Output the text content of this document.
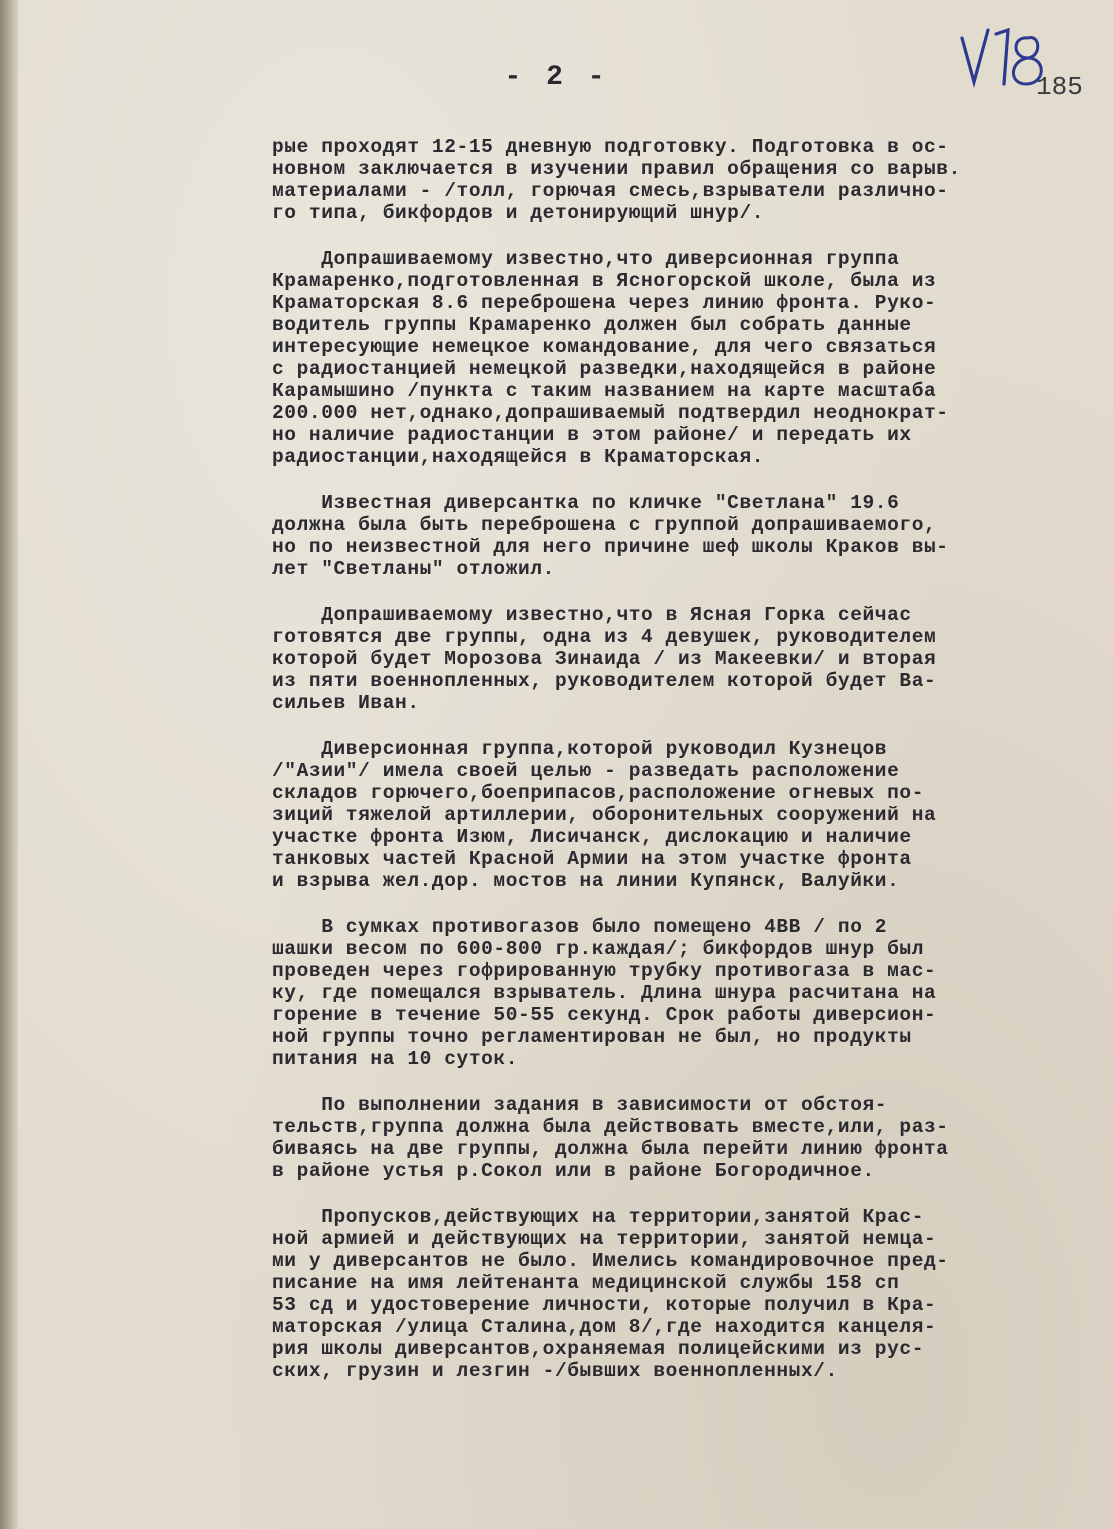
185
- 2 -
рые проходят 12-15 дневную подготовку. Подготовка в ос-
новном заключается в изучении правил обращения со варыв.
материалами - /толл, горючая смесь,взрыватели различно-
го типа, бикфордов и детонирующий шнур/.
Допрашиваемому известно,что диверсионная группа
Крамаренко,подготовленная в Ясногорской школе, была из
Краматорская 8.6 переброшена через линию фронта. Руко-
водитель группы Крамаренко должен был собрать данные
интересующие немецкое командование, для чего связаться
с радиостанцией немецкой разведки,находящейся в районе
Карамышино /пункта с таким названием на карте масштаба
200.000 нет,однако,допрашиваемый подтвердил неоднократ-
но наличие радиостанции в этом районе/ и передать их
радиостанции,находящейся в Краматорская.
Известная диверсантка по кличке "Светлана" 19.6
должна была быть переброшена с группой допрашиваемого,
но по неизвестной для него причине шеф школы Краков вы-
лет "Светланы" отложил.
Допрашиваемому известно,что в Ясная Горка сейчас
готовятся две группы, одна из 4 девушек, руководителем
которой будет Морозова Зинаида / из Макеевки/ и вторая
из пяти военнопленных, руководителем которой будет Ва-
сильев Иван.
Диверсионная группа,которой руководил Кузнецов
/"Азии"/ имела своей целью - разведать расположение
складов горючего,боеприпасов,расположение огневых по-
зиций тяжелой артиллерии, оборонительных сооружений на
участке фронта Изюм, Лисичанск, дислокацию и наличие
танковых частей Красной Армии на этом участке фронта
и взрыва жел.дор. мостов на линии Купянск, Валуйки.
В сумках противогазов было помещено 4ВВ / по 2
шашки весом по 600-800 гр.каждая/; бикфордов шнур был
проведен через гофрированную трубку противогаза в мас-
ку, где помещался взрыватель. Длина шнура расчитана на
горение в течение 50-55 секунд. Срок работы диверсион-
ной группы точно регламентирован не был, но продукты
питания на 10 суток.
По выполнении задания в зависимости от обстоя-
тельств,группа должна была действовать вместе,или, раз-
биваясь на две группы, должна была перейти линию фронта
в районе устья р.Сокол или в районе Богородичное.
Пропусков,действующих на территории,занятой Крас-
ной армией и действующих на территории, занятой немца-
ми у диверсантов не было. Имелись командировочное пред-
писание на имя лейтенанта медицинской службы 158 сп
53 сд и удостоверение личности, которые получил в Кра-
маторская /улица Сталина,дом 8/,где находится канцеля-
рия школы диверсантов,охраняемая полицейскими из рус-
ских, грузин и лезгин -/бывших военнопленных/.
